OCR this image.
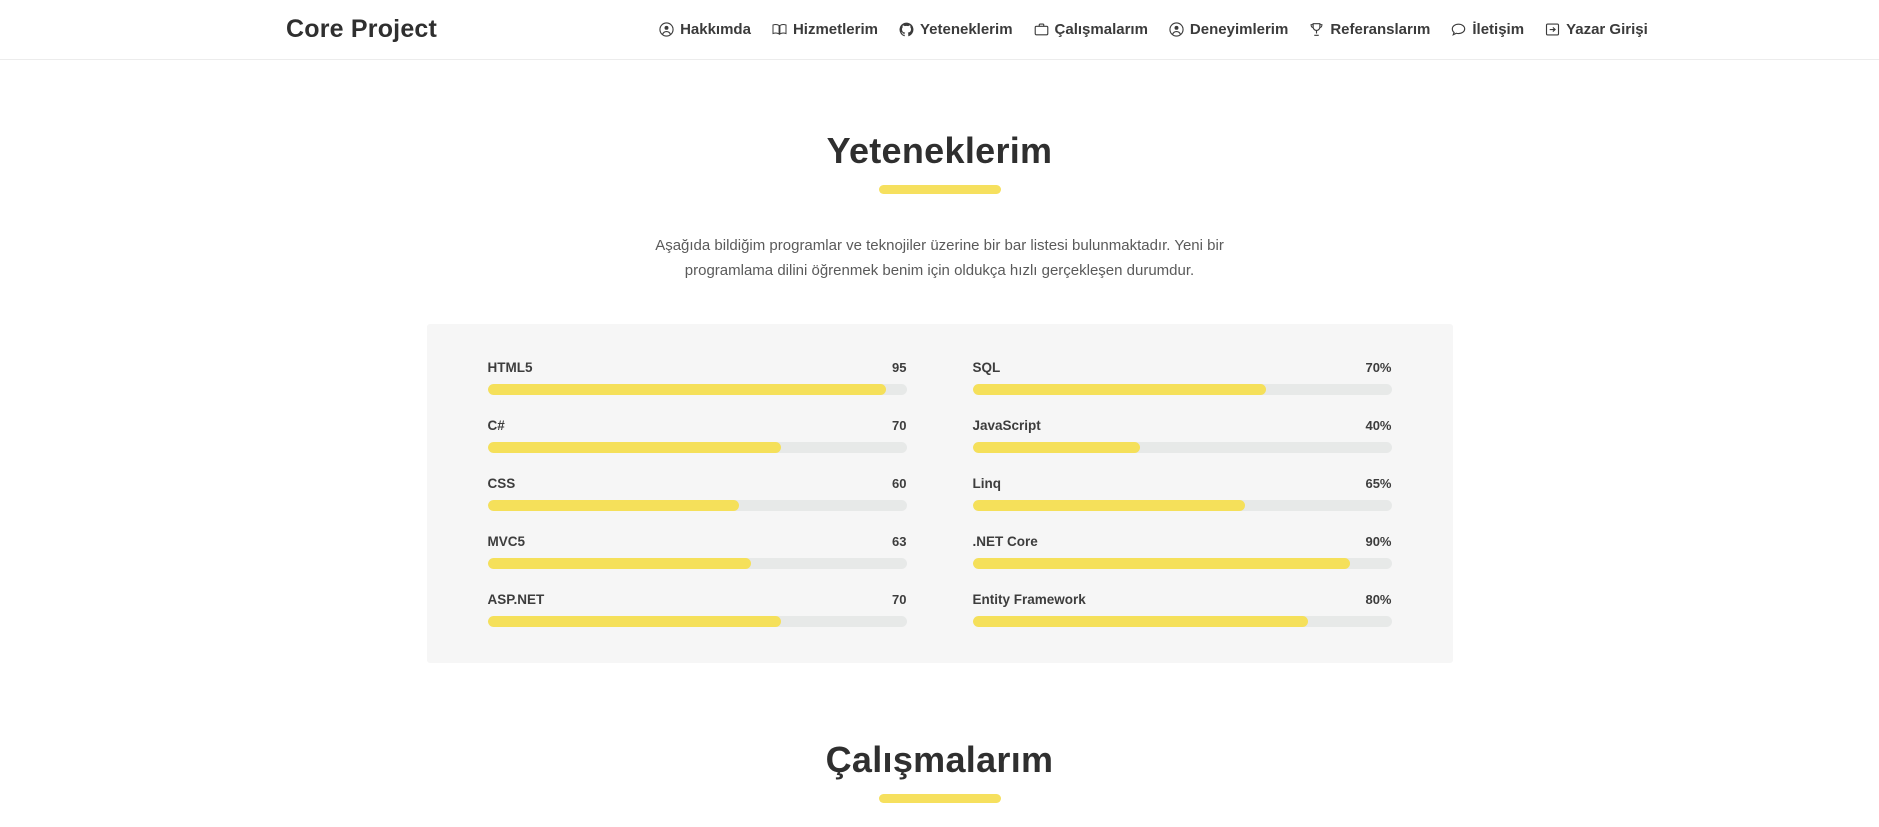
Core Project	Hakkımda	Hizmetlerim	Yeteneklerim	Çalışmalarım	Deneyimlerim	Referanslarım	İletişim	Yazar Girişi
Yeteneklerim

Aşağıda bildiğim programlar ve teknojiler üzerine bir bar listesi bulunmaktadır. Yeni bir programlama dilini öğrenmek benim için oldukça hızlı gerçekleşen durumdur.

HTML5	95
C#	70
CSS	60
MVC5	63
ASP.NET	70
SQL	70%
JavaScript	40%
Linq	65%
.NET Core	90%
Entity Framework	80%
Çalışmalarım
